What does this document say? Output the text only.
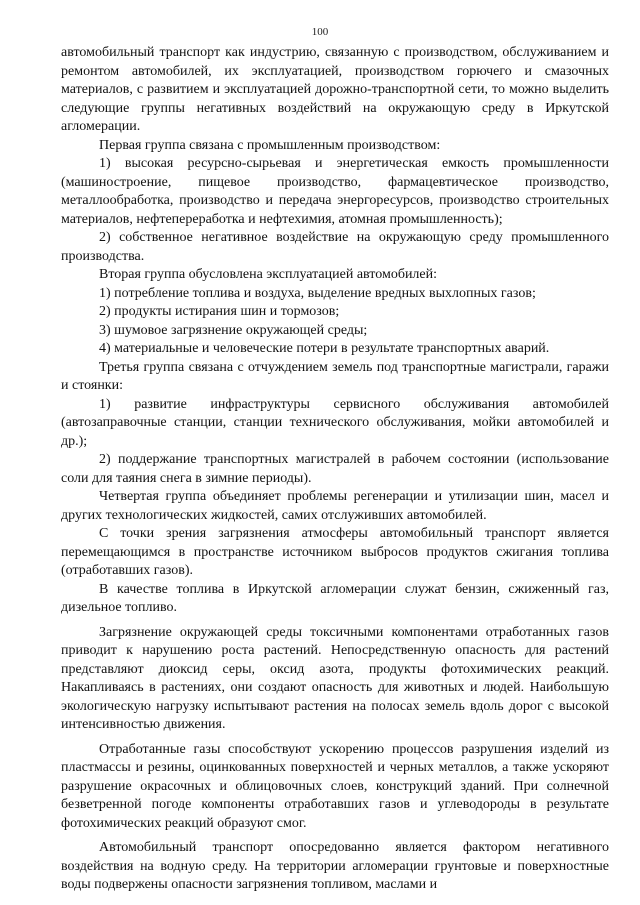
100

автомобильный транспорт как индустрию, связанную с производством, обслуживанием и ремонтом автомобилей, их эксплуатацией, производством горючего и смазочных материалов, с развитием и эксплуатацией дорожно-транспортной сети, то можно выделить следующие группы негативных воздействий на окружающую среду в Иркутской агломерации.

Первая группа связана с промышленным производством:

1) высокая ресурсно-сырьевая и энергетическая емкость промышленности (машиностроение, пищевое производство, фармацевтическое производство, металлообработка, производство и передача энергоресурсов, производство строительных материалов, нефтепереработка и нефтехимия, атомная промышленность);

2) собственное негативное воздействие на окружающую среду промышленного производства.

Вторая группа обусловлена эксплуатацией автомобилей:

1) потребление топлива и воздуха, выделение вредных выхлопных газов;

2) продукты истирания шин и тормозов;

3) шумовое загрязнение окружающей среды;

4) материальные и человеческие потери в результате транспортных аварий.

Третья группа связана с отчуждением земель под транспортные магистрали, гаражи и стоянки:

1) развитие инфраструктуры сервисного обслуживания автомобилей (автозаправочные станции, станции технического обслуживания, мойки автомобилей и др.);

2) поддержание транспортных магистралей в рабочем состоянии (использование соли для таяния снега в зимние периоды).

Четвертая группа объединяет проблемы регенерации и утилизации шин, масел и других технологических жидкостей, самих отслуживших автомобилей.

С точки зрения загрязнения атмосферы автомобильный транспорт является перемещающимся в пространстве источником выбросов продуктов сжигания топлива (отработавших газов).

В качестве топлива в Иркутской агломерации служат бензин, сжиженный газ, дизельное топливо.

Загрязнение окружающей среды токсичными компонентами отработанных газов приводит к нарушению роста растений. Непосредственную опасность для растений представляют диоксид серы, оксид азота, продукты фотохимических реакций. Накапливаясь в растениях, они создают опасность для животных и людей. Наибольшую экологическую нагрузку испытывают растения на полосах земель вдоль дорог с высокой интенсивностью движения.

Отработанные газы способствуют ускорению процессов разрушения изделий из пластмассы и резины, оцинкованных поверхностей и черных металлов, а также ускоряют разрушение окрасочных и облицовочных слоев, конструкций зданий. При солнечной безветренной погоде компоненты отработавших газов и углеводороды в результате фотохимических реакций образуют смог.

Автомобильный транспорт опосредованно является фактором негативного воздействия на водную среду. На территории агломерации грунтовые и поверхностные воды подвержены опасности загрязнения топливом, маслами и
